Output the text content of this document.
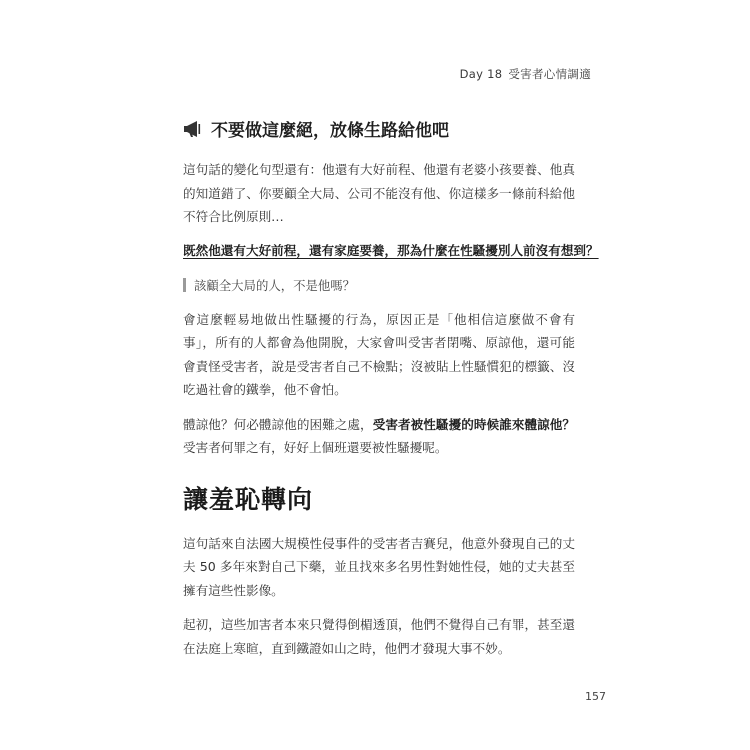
Day 18 受害者心情調適
不要做這麼絕，放條生路給他吧

這句話的變化句型還有：他還有大好前程、他還有老婆小孩要養、他真的知道錯了、你要顧全大局、公司不能沒有他、你這樣多一條前科給他不符合比例原則…

既然他還有大好前程，還有家庭要養，那為什麼在性騷擾別人前沒有想到？
該顧全大局的人，不是他嗎？

會這麼輕易地做出性騷擾的行為，原因正是「他相信這麼做不會有事」，所有的人都會為他開脫，大家會叫受害者閉嘴、原諒他，還可能會責怪受害者，說是受害者自己不檢點；沒被貼上性騷慣犯的標籤、沒吃過社會的鐵拳，他不會怕。

體諒他？何必體諒他的困難之處，受害者被性騷擾的時候誰來體諒他？受害者何罪之有，好好上個班還要被性騷擾呢。

讓羞恥轉向

這句話來自法國大規模性侵事件的受害者吉賽兒，他意外發現自己的丈夫 50 多年來對自己下藥，並且找來多名男性對她性侵，她的丈夫甚至擁有這些性影像。

起初，這些加害者本來只覺得倒楣透頂，他們不覺得自己有罪，甚至還在法庭上寒暄，直到鐵證如山之時，他們才發現大事不妙。

157
